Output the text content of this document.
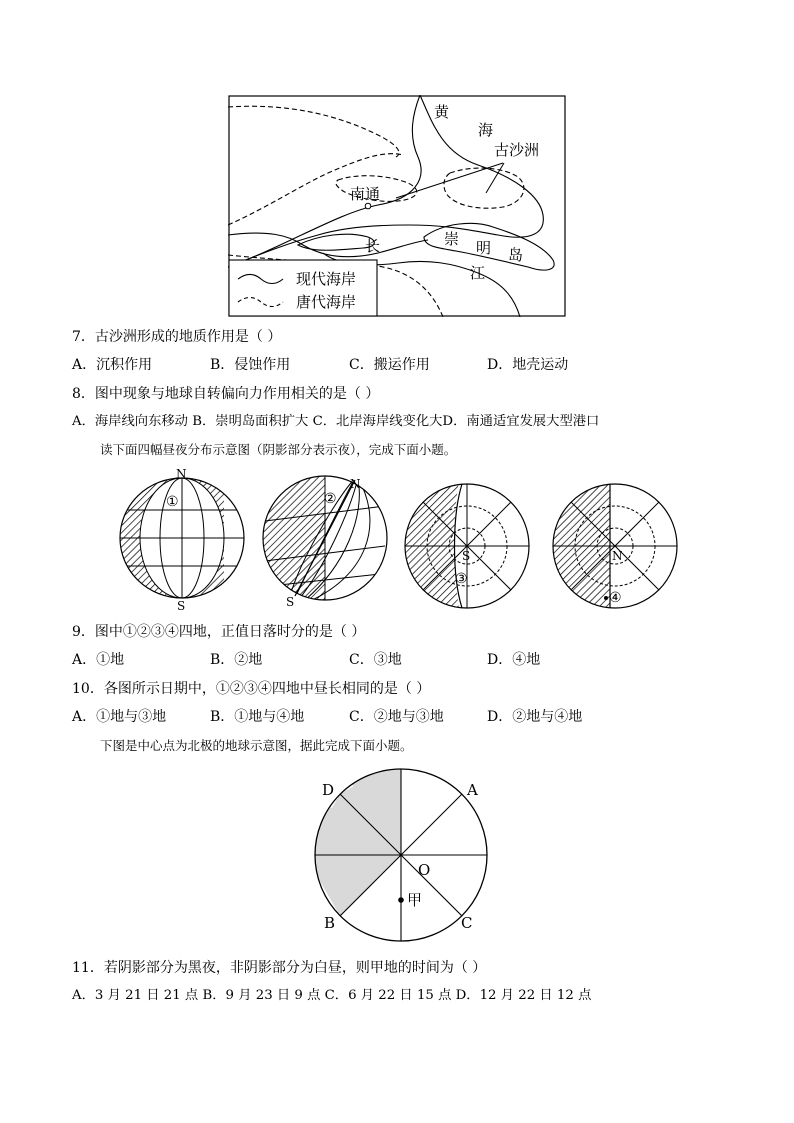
黄
海
古沙洲
南通
长	崇 明 岛
江
现代海岸
唐代海岸
7．古沙洲形成的地质作用是（ ）
A．沉积作用	B．侵蚀作用	C．搬运作用	D．地壳运动
8．图中现象与地球自转偏向力作用相关的是（ ）
A．海岸线向东移动 B．崇明岛面积扩大 C．北岸海岸线变化大D．南通适宜发展大型港口
读下面四幅昼夜分布示意图（阴影部分表示夜），完成下面小题。
N
S
①
N
S
②
S
③
N
④
9．图中①②③④四地，正值日落时分的是（ ）
A．①地	B．②地	C．③地	D．④地
10．各图所示日期中，①②③④四地中昼长相同的是（ ）
A．①地与③地	B．①地与④地	C．②地与③地	D．②地与④地
下图是中心点为北极的地球示意图，据此完成下面小题。
D	A
O
甲
B	C
11．若阴影部分为黑夜，非阴影部分为白昼，则甲地的时间为（ ）
A．3 月 21 日 21 点 B．9 月 23 日 9 点 C．6 月 22 日 15 点 D．12 月 22 日 12 点
